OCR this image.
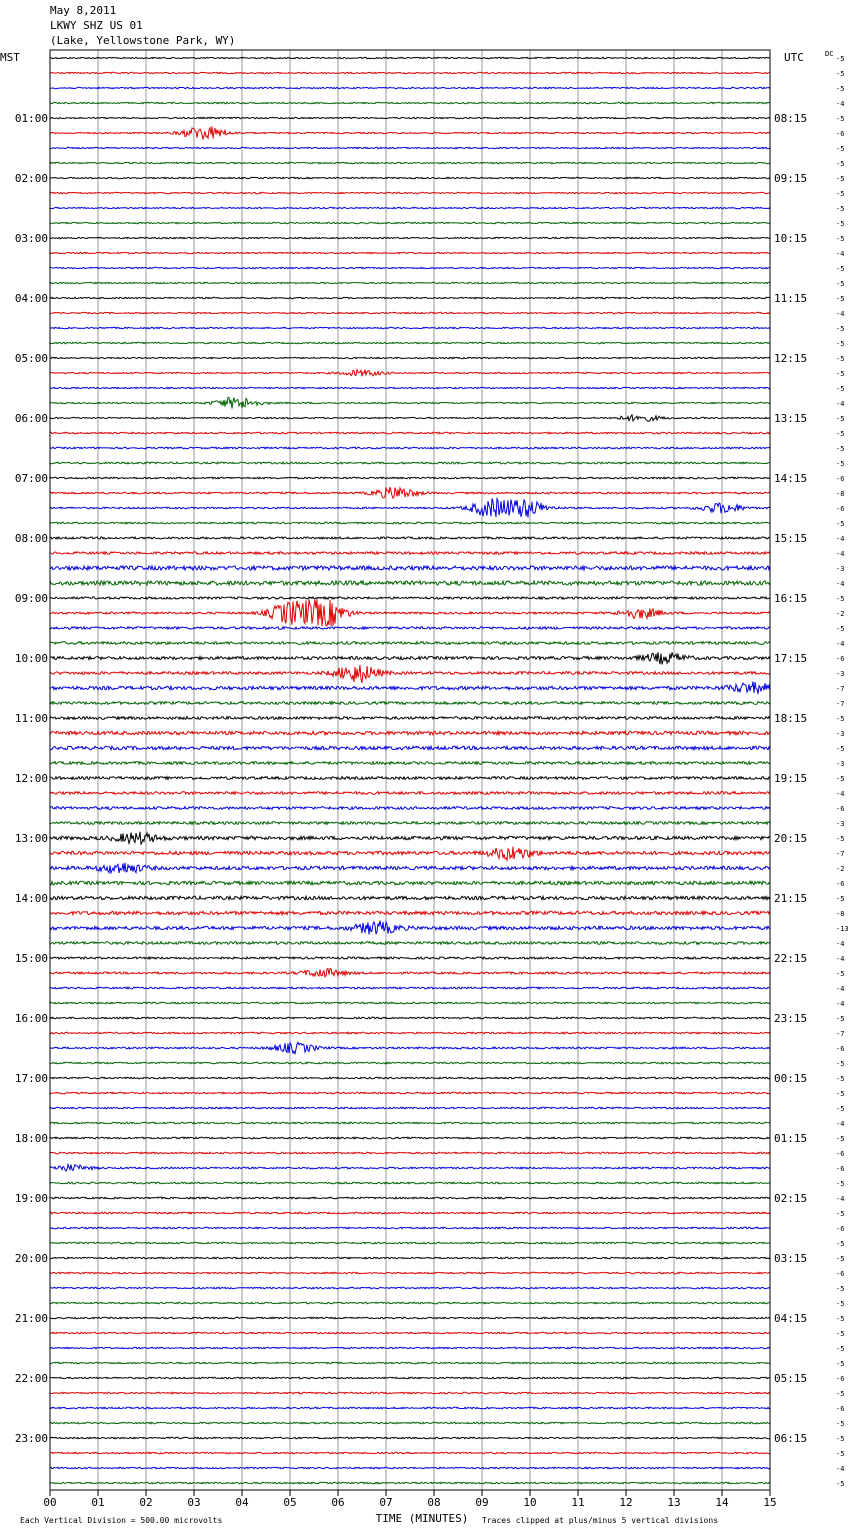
May 8,2011
LKWY SHZ US 01
(Lake, Yellowstone Park, WY)
-5
-5
-5
-4
-5
-6
-5
-5
-5
-5
-5
-5
-5
-4
-5
-5
-5
-4
-5
-5
-5
-5
-5
-4
-5
-5
-5
-5
-6
-8
-6
-5
-4
-4
-3
-4
-5
-2
-5
-4
-6
-3
-7
-7
-5
-3
-5
-3
-5
-4
-6
-3
-5
-7
-2
-6
-5
-8
-13
-4
-4
-5
-4
-4
-5
-7
-6
-5
-5
-5
-5
-4
-5
-6
-6
-5
-4
-5
-6
-5
-5
-6
-5
-5
-5
-5
-5
-5
-6
-5
-6
-5
-5
-5
-4
-5
DC
00	01	02	03	04	05	06	07	08	09	10	11	12	13	14	15
MST	UTC
01:00	08:15
02:00	09:15
03:00	10:15
04:00	11:15
05:00	12:15
06:00	13:15
07:00	14:15
08:00	15:15
09:00	16:15
10:00	17:15
11:00	18:15
12:00	19:15
13:00	20:15
14:00	21:15
15:00	22:15
16:00	23:15
17:00	00:15
18:00	01:15
19:00	02:15
20:00	03:15
21:00	04:15
22:00	05:15
23:00	06:15
TIME (MINUTES)
Each Vertical Division = 500.00 microvolts	Traces clipped at plus/minus 5 vertical divisions
